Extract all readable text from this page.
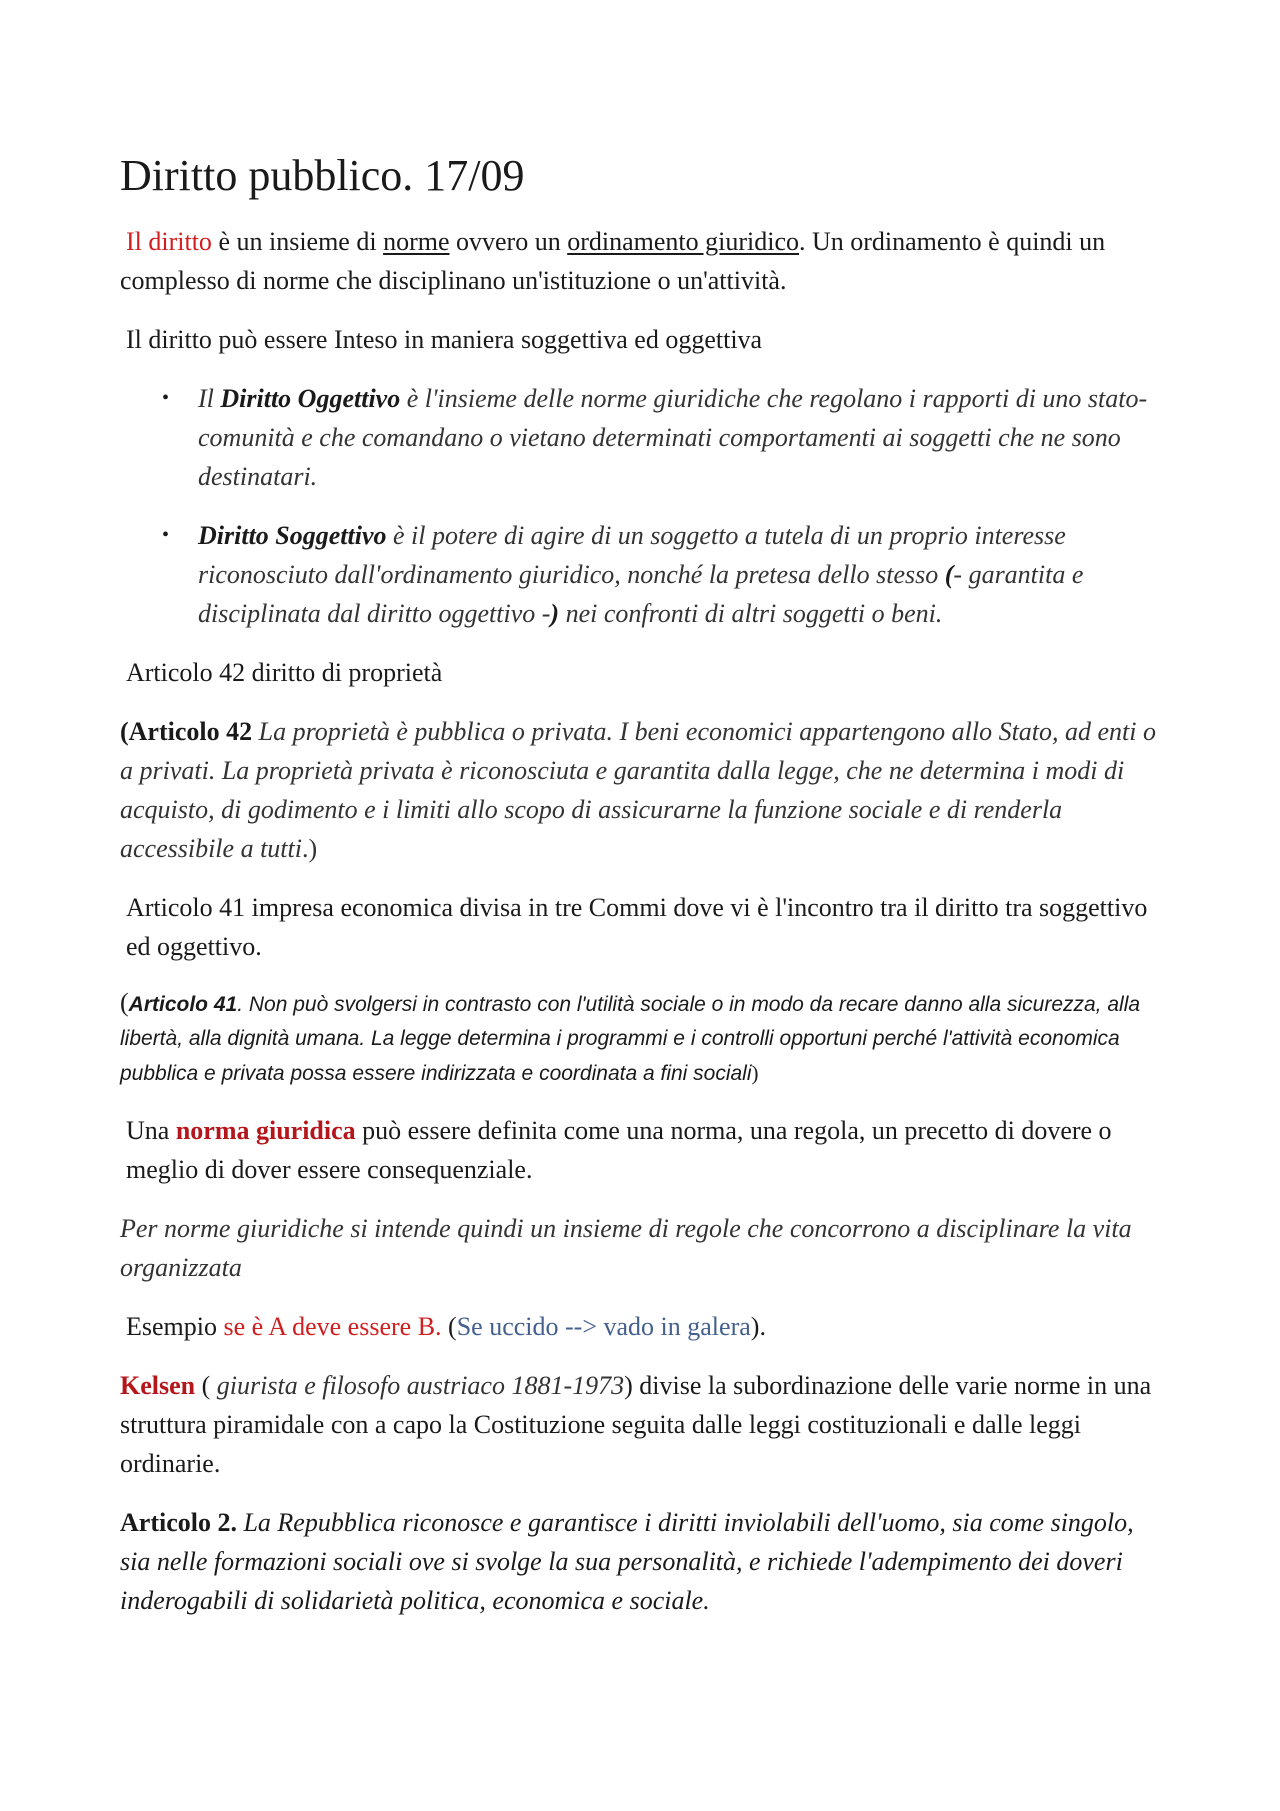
Diritto pubblico. 17/09

Il diritto è un insieme di norme ovvero un ordinamento giuridico. Un ordinamento è quindi un complesso di norme che disciplinano un'istituzione o un'attività.

Il diritto può essere Inteso in maniera soggettiva ed oggettiva

• Il Diritto Oggettivo è l'insieme delle norme giuridiche che regolano i rapporti di uno stato-comunità e che comandano o vietano determinati comportamenti ai soggetti che ne sono destinatari.
• Diritto Soggettivo è il potere di agire di un soggetto a tutela di un proprio interesse riconosciuto dall'ordinamento giuridico, nonché la pretesa dello stesso (- garantita e disciplinata dal diritto oggettivo -) nei confronti di altri soggetti o beni.

Articolo 42 diritto di proprietà

(Articolo 42 La proprietà è pubblica o privata. I beni economici appartengono allo Stato, ad enti o a privati. La proprietà privata è riconosciuta e garantita dalla legge, che ne determina i modi di acquisto, di godimento e i limiti allo scopo di assicurarne la funzione sociale e di renderla accessibile a tutti.)

Articolo 41 impresa economica divisa in tre Commi dove vi è l'incontro tra il diritto tra soggettivo ed oggettivo.

(Articolo 41. Non può svolgersi in contrasto con l'utilità sociale o in modo da recare danno alla sicurezza, alla libertà, alla dignità umana. La legge determina i programmi e i controlli opportuni perché l'attività economica pubblica e privata possa essere indirizzata e coordinata a fini sociali)

Una norma giuridica può essere definita come una norma, una regola, un precetto di dovere o meglio di dover essere consequenziale.

Per norme giuridiche si intende quindi un insieme di regole che concorrono a disciplinare la vita organizzata

Esempio se è A deve essere B. (Se uccido --> vado in galera).

Kelsen ( giurista e filosofo austriaco 1881-1973) divise la subordinazione delle varie norme in una struttura piramidale con a capo la Costituzione seguita dalle leggi costituzionali e dalle leggi ordinarie.

Articolo 2. La Repubblica riconosce e garantisce i diritti inviolabili dell'uomo, sia come singolo, sia nelle formazioni sociali ove si svolge la sua personalità, e richiede l'adempimento dei doveri inderogabili di solidarietà politica, economica e sociale.
